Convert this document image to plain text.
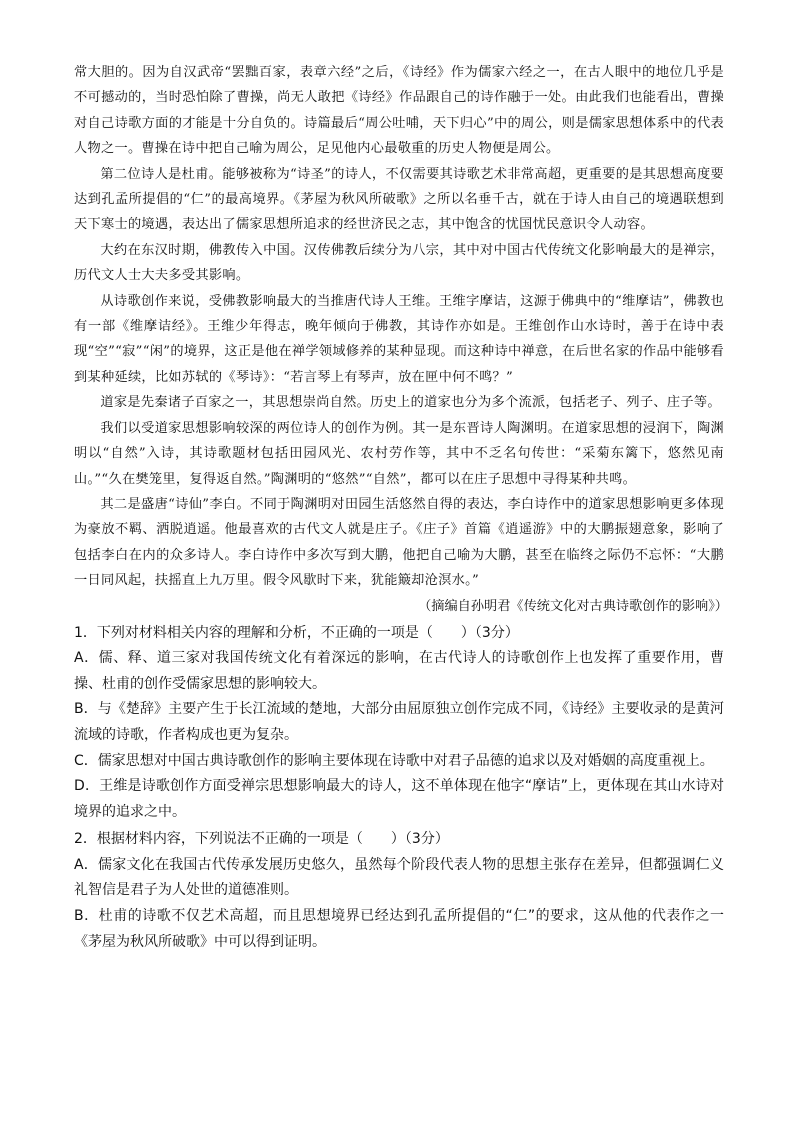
常大胆的。因为自汉武帝“罢黜百家，表章六经”之后，《诗经》作为儒家六经之一，在古人眼中的地位几乎是不可撼动的，当时恐怕除了曹操，尚无人敢把《诗经》作品跟自己的诗作融于一处。由此我们也能看出，曹操对自己诗歌方面的才能是十分自负的。诗篇最后“周公吐哺，天下归心”中的周公，则是儒家思想体系中的代表人物之一。曹操在诗中把自己喻为周公，足见他内心最敬重的历史人物便是周公。

第二位诗人是杜甫。能够被称为“诗圣”的诗人，不仅需要其诗歌艺术非常高超，更重要的是其思想高度要达到孔孟所提倡的“仁”的最高境界。《茅屋为秋风所破歌》之所以名垂千古，就在于诗人由自己的境遇联想到天下寒士的境遇，表达出了儒家思想所追求的经世济民之志，其中饱含的忧国忧民意识令人动容。

大约在东汉时期，佛教传入中国。汉传佛教后续分为八宗，其中对中国古代传统文化影响最大的是禅宗，历代文人士大夫多受其影响。

从诗歌创作来说，受佛教影响最大的当推唐代诗人王维。王维字摩诘，这源于佛典中的“维摩诘”，佛教也有一部《维摩诘经》。王维少年得志，晚年倾向于佛教，其诗作亦如是。王维创作山水诗时，善于在诗中表现“空”“寂”“闲”的境界，这正是他在禅学领域修养的某种显现。而这种诗中禅意，在后世名家的作品中能够看到某种延续，比如苏轼的《琴诗》：“若言琴上有琴声，放在匣中何不鸣？”

道家是先秦诸子百家之一，其思想崇尚自然。历史上的道家也分为多个流派，包括老子、列子、庄子等。

我们以受道家思想影响较深的两位诗人的创作为例。其一是东晋诗人陶渊明。在道家思想的浸润下，陶渊明以“自然”入诗，其诗歌题材包括田园风光、农村劳作等，其中不乏名句传世：“采菊东篱下，悠然见南山。”“久在樊笼里，复得返自然。”陶渊明的“悠然”“自然”，都可以在庄子思想中寻得某种共鸣。

其二是盛唐“诗仙”李白。不同于陶渊明对田园生活悠然自得的表达，李白诗作中的道家思想影响更多体现为豪放不羁、洒脱逍遥。他最喜欢的古代文人就是庄子。《庄子》首篇《逍遥游》中的大鹏振翅意象，影响了包括李白在内的众多诗人。李白诗作中多次写到大鹏，他把自己喻为大鹏，甚至在临终之际仍不忘怀：“大鹏一日同风起，扶摇直上九万里。假令风歇时下来，犹能簸却沧溟水。”

（摘编自孙明君《传统文化对古典诗歌创作的影响》）

1．下列对材料相关内容的理解和分析，不正确的一项是（　　）（3分）

A．儒、释、道三家对我国传统文化有着深远的影响，在古代诗人的诗歌创作上也发挥了重要作用，曹操、杜甫的创作受儒家思想的影响较大。

B．与《楚辞》主要产生于长江流域的楚地，大部分由屈原独立创作完成不同，《诗经》主要收录的是黄河流域的诗歌，作者构成也更为复杂。

C．儒家思想对中国古典诗歌创作的影响主要体现在诗歌中对君子品德的追求以及对婚姻的高度重视上。

D．王维是诗歌创作方面受禅宗思想影响最大的诗人，这不单体现在他字“摩诘”上，更体现在其山水诗对境界的追求之中。

2．根据材料内容，下列说法不正确的一项是（　　）（3分）

A．儒家文化在我国古代传承发展历史悠久，虽然每个阶段代表人物的思想主张存在差异，但都强调仁义礼智信是君子为人处世的道德准则。

B．杜甫的诗歌不仅艺术高超，而且思想境界已经达到孔孟所提倡的“仁”的要求，这从他的代表作之一《茅屋为秋风所破歌》中可以得到证明。
